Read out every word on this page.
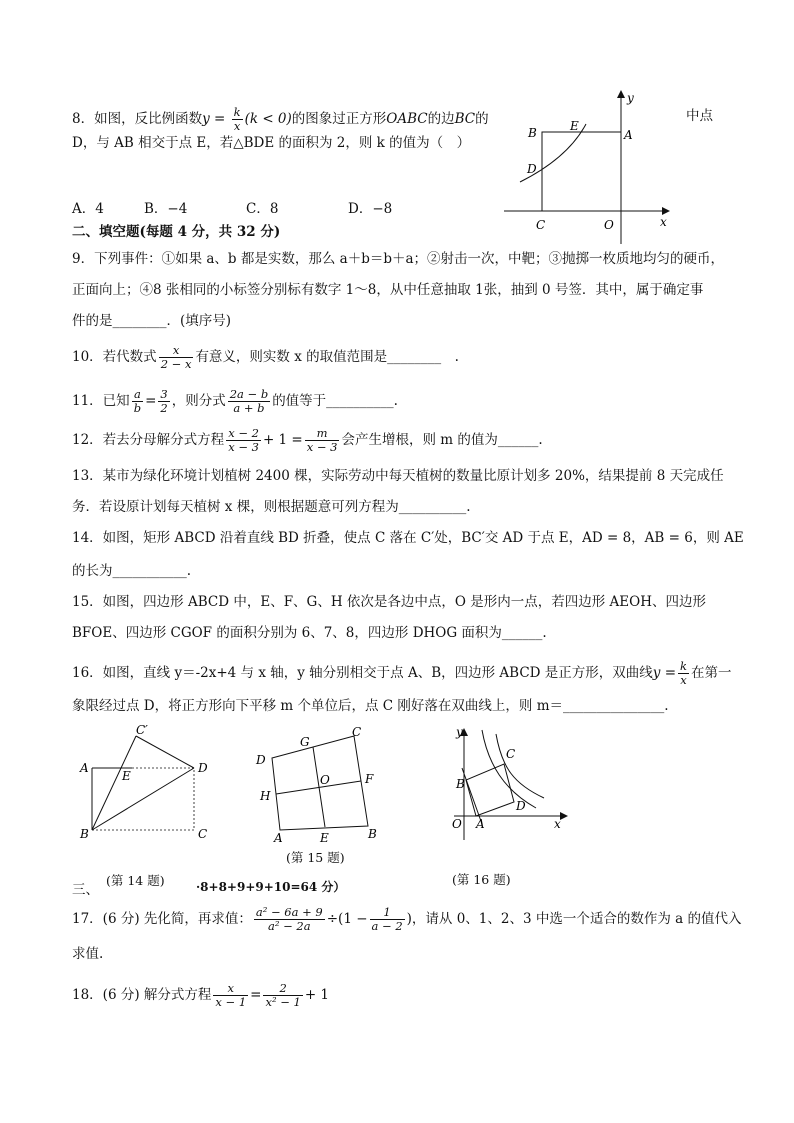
8．如图，反比例函数$y = \frac{k}{x} (k < 0)$的图象过正方形OABC的边BC的	中点
D，与 AB 相交于点 E，若△BDE 的面积为 2，则 k 的值为（　）
A．4	B．−4	C．8	D．−8
y
x
B	E
A
D
C	O
二、填空题(每题 4 分，共 32 分)
9．下列事件：①如果 a、b 都是实数，那么 a＋b＝b＋a；②射击一次，中靶；③抛掷一枚质地均匀的硬币，
正面向上；④8 张相同的小标签分别标有数字 1～8，从中任意抽取 1张，抽到 0 号签．其中，属于确定事
件的是________．(填序号)
10．若代数式 $\frac{x}{2 - x}$ 有意义，则实数 x 的取值范围是________　.
11．已知 $\frac{a}{b} = \frac{3}{2}$ ，则分式 $\frac{2a - b}{a + b}$ 的值等于__________.
12．若去分母解分式方程 $\frac{x - 2}{x - 3} + 1 = \frac{m}{x - 3}$ 会产生增根，则 m 的值为______.
13．某市为绿化环境计划植树 2400 棵，实际劳动中每天植树的数量比原计划多 20%，结果提前 8 天完成任
务．若设原计划每天植树 x 棵，则根据题意可列方程为__________.
14．如图，矩形 ABCD 沿着直线 BD 折叠，使点 C 落在 C′处，BC′交 AD 于点 E，AD = 8，AB = 6，则 AE
的长为___________.
15．如图，四边形 ABCD 中，E、F、G、H 依次是各边中点，O 是形内一点，若四边形 AEOH、四边形
BFOE、四边形 CGOF 的面积分别为 6、7、8，四边形 DHOG 面积为______.
16．如图，直线 y＝-2x+4 与 x 轴，y 轴分别相交于点 A、B，四边形 ABCD 是正方形，双曲线$y = \frac{k}{x}$ 在第一
象限经过点 D，将正方形向下平移 m 个单位后，点 C 刚好落在双曲线上，则 m＝_______________.
C′
A
E
D
B	C
(第 14 题)
D
G
C
O	F
H
A	E	B
(第 15 题)
y
x
C
B
D
O A
(第 16 题)
三、	·8+8+9+9+10=64 分）
17．(6 分) 先化简，再求值： $\frac{\text{a² − 6a + 9}}{\text{a² − 2a}} \div(1 - \frac{1}{a - 2}$ )，请从 0、1、2、3 中选一个适合的数作为 a 的值代入
求值.
18．(6 分) 解分式方程 $\frac{x}{x - 1} = \frac{2}{\text{x² − 1}} + 1$
